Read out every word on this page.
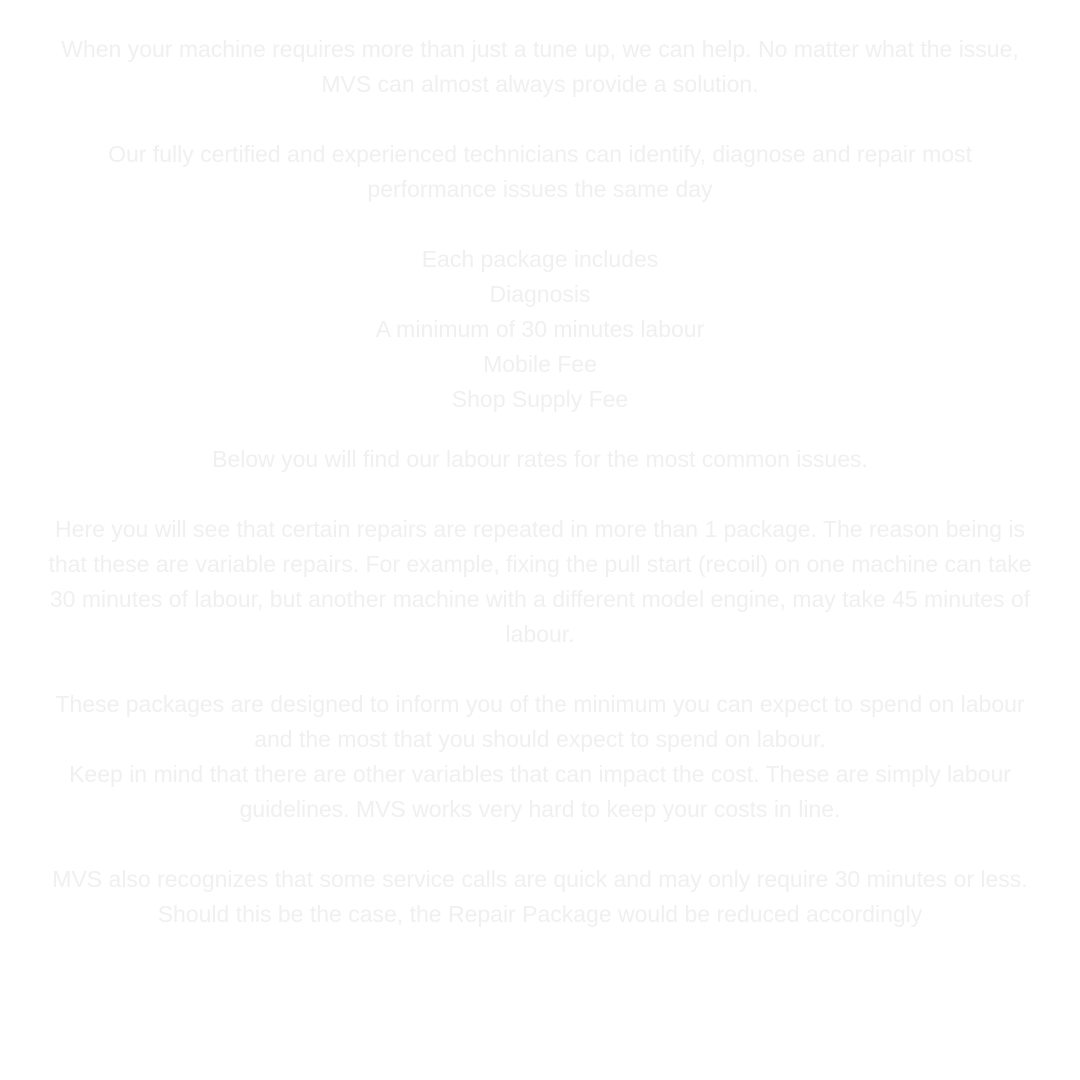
When your machine requires more than just a tune up, we can help. No matter what the issue,
MVS can almost always provide a solution.

Our fully certified and experienced technicians can identify, diagnose and repair most
performance issues the same day

Each package includes
Diagnosis
A minimum of 30 minutes labour
Mobile Fee
Shop Supply Fee

Below you will find our labour rates for the most common issues.

Here you will see that certain repairs are repeated in more than 1 package. The reason being is
that these are variable repairs. For example, fixing the pull start (recoil) on one machine can take
30 minutes of labour, but another machine with a different model engine, may take 45 minutes of
labour.

These packages are designed to inform you of the minimum you can expect to spend on labour
and the most that you should expect to spend on labour.
Keep in mind that there are other variables that can impact the cost. These are simply labour
guidelines. MVS works very hard to keep your costs in line.

MVS also recognizes that some service calls are quick and may only require 30 minutes or less.
Should this be the case, the Repair Package would be reduced accordingly
